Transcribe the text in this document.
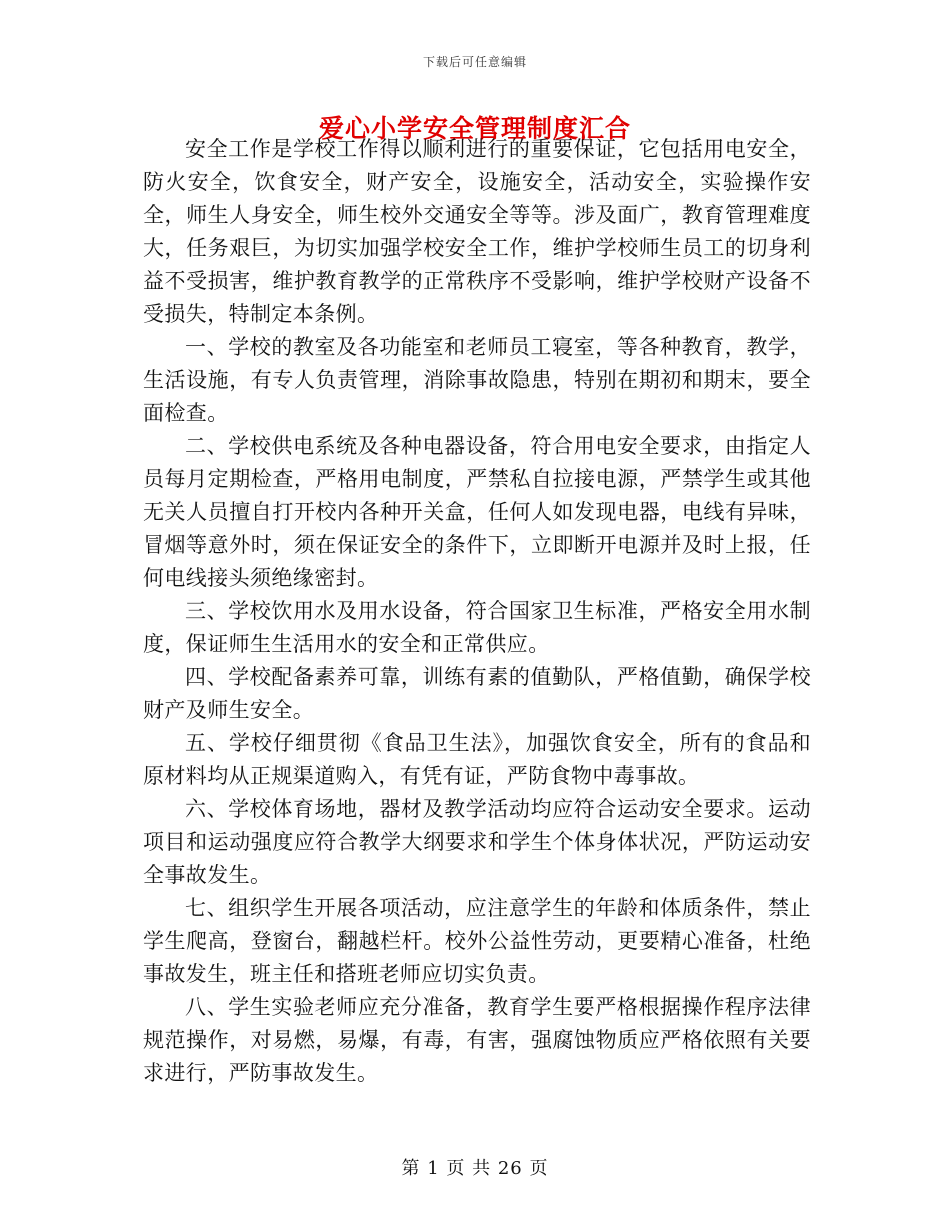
下载后可任意编辑
爱心小学安全管理制度汇合

安全工作是学校工作得以顺利进行的重要保证，它包括用电安全，防火安全，饮食安全，财产安全，设施安全，活动安全，实验操作安全，师生人身安全，师生校外交通安全等等。涉及面广，教育管理难度大，任务艰巨，为切实加强学校安全工作，维护学校师生员工的切身利益不受损害，维护教育教学的正常秩序不受影响，维护学校财产设备不受损失，特制定本条例。

一、学校的教室及各功能室和老师员工寝室，等各种教育，教学，生活设施，有专人负责管理，消除事故隐患，特别在期初和期末，要全面检查。

二、学校供电系统及各种电器设备，符合用电安全要求，由指定人员每月定期检查，严格用电制度，严禁私自拉接电源，严禁学生或其他无关人员擅自打开校内各种开关盒，任何人如发现电器，电线有异味，冒烟等意外时，须在保证安全的条件下，立即断开电源并及时上报，任何电线接头须绝缘密封。

三、学校饮用水及用水设备，符合国家卫生标准，严格安全用水制度，保证师生生活用水的安全和正常供应。

四、学校配备素养可靠，训练有素的值勤队，严格值勤，确保学校财产及师生安全。

五、学校仔细贯彻《食品卫生法》，加强饮食安全，所有的食品和原材料均从正规渠道购入，有凭有证，严防食物中毒事故。

六、学校体育场地，器材及教学活动均应符合运动安全要求。运动项目和运动强度应符合教学大纲要求和学生个体身体状况，严防运动安全事故发生。

七、组织学生开展各项活动，应注意学生的年龄和体质条件，禁止学生爬高，登窗台，翻越栏杆。校外公益性劳动，更要精心准备，杜绝事故发生，班主任和搭班老师应切实负责。

八、学生实验老师应充分准备，教育学生要严格根据操作程序法律规范操作，对易燃，易爆，有毒，有害，强腐蚀物质应严格依照有关要求进行，严防事故发生。

第 1 页 共 26 页
